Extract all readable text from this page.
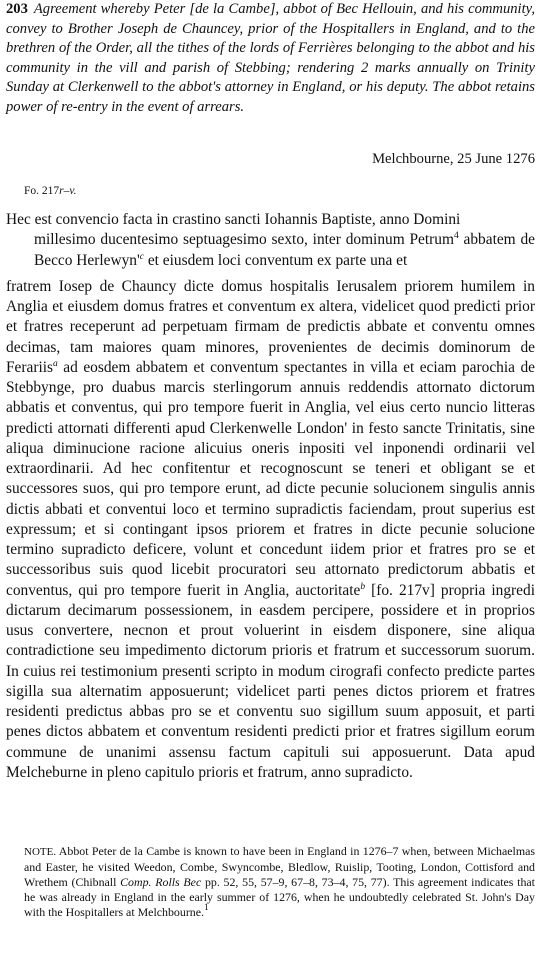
203 Agreement whereby Peter [de la Cambe], abbot of Bec Hellouin, and his community, convey to Brother Joseph de Chauncey, prior of the Hospitallers in England, and to the brethren of the Order, all the tithes of the lords of Ferrières belonging to the abbot and his community in the vill and parish of Stebbing; rendering 2 marks annually on Trinity Sunday at Clerkenwell to the abbot's attorney in England, or his deputy. The abbot retains power of re-entry in the event of arrears.
Melchbourne, 25 June 1276
Fo. 217r–v.

Hec est convencio facta in crastino sancti Iohannis Baptiste, anno Domini
millesimo ducentesimo septuagesimo sexto, inter dominum Petrum$^4$ abbatem de Becco $Herlewyn'^c$ et eiusdem loci conventum ex parte una et

fratrem Iosep de Chauncy dicte domus hospitalis Ierusalem priorem humilem in Anglia et eiusdem domus fratres et conventum ex altera, videlicet quod predicti prior et fratres receperunt ad perpetuam firmam de predictis abbate et conventu omnes decimas, tam maiores quam minores, provenientes de decimis dominorum de Ferariis$^a$ ad eosdem abbatem et conventum spectantes in villa et eciam parochia de Stebbynge, pro duabus marcis sterlingorum annuis reddendis attornato dictorum abbatis et conventus, qui pro tempore fuerit in Anglia, vel eius certo nuncio litteras predicti attornati differenti apud Clerkenwelle London' in festo sancte Trinitatis, sine aliqua diminucione racione alicuius oneris inpositi vel inponendi ordinarii vel extraordinarii. Ad hec confitentur et recognoscunt se teneri et obligant se et successores suos, qui pro tempore erunt, ad dicte pecunie solucionem singulis annis dictis abbati et conventui loco et termino supradictis faciendam, prout superius est expressum; et si contingant ipsos priorem et fratres in dicte pecunie solucione termino supradicto deficere, volunt et concedunt iidem prior et fratres pro se et successoribus suis quod licebit procuratori seu attornato predictorum abbatis et conventus, qui pro tempore fuerit in Anglia, auctoritate$^b$ [fo. 217v] propria ingredi dictarum decimarum possessionem, in easdem percipere, possidere et in proprios usus convertere, necnon et prout voluerint in eisdem disponere, sine aliqua contradictione seu impedimento dictorum prioris et fratrum et successorum suorum. In cuius rei testimonium presenti scripto in modum cirografi confecto predicte partes sigilla sua alternatim apposuerunt; videlicet parti penes dictos priorem et fratres residenti predictus abbas pro se et conventu suo sigillum suum apposuit, et parti penes dictos abbatem et conventum residenti predicti prior et fratres sigillum eorum commune de unanimi assensu factum capituli sui apposuerunt. Data apud Melcheburne in pleno capitulo prioris et fratrum, anno supradicto.

NOTE. Abbot Peter de la Cambe is known to have been in England in 1276–7 when, between Michaelmas and Easter, he visited Weedon, Combe, Swyncombe, Bledlow, Ruislip, Tooting, London, Cottisford and Wrethem (Chibnall Comp. Rolls Bec pp. 52, 55, 57–9, 67–8, 73–4, 75, 77). This agreement indicates that he was already in England in the early summer of 1276, when he undoubtedly celebrated St. John's Day with the Hospitallers at Melchbourne.$^1$
